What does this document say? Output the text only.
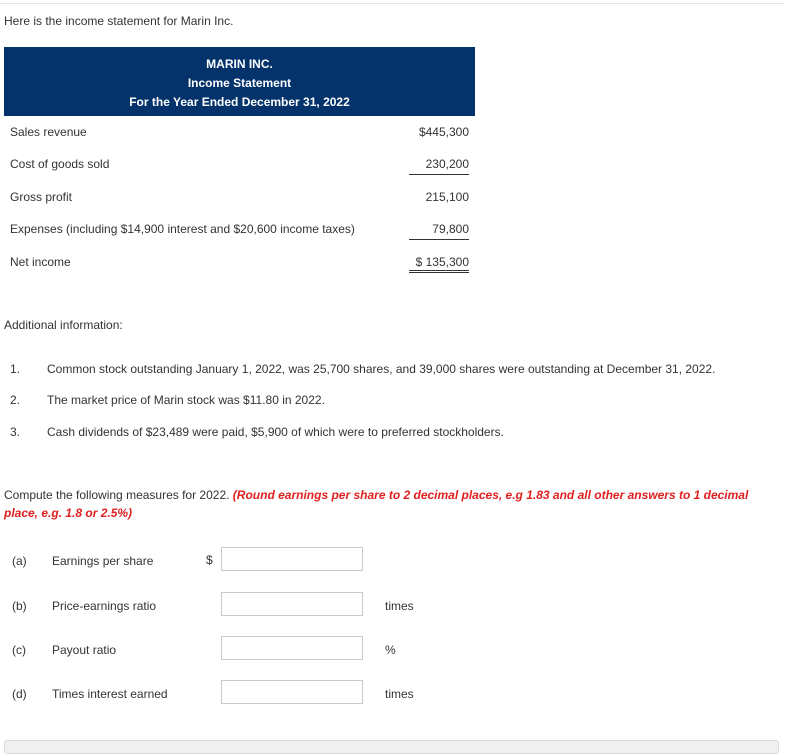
Here is the income statement for Marin Inc.
MARIN INC.
Income Statement
For the Year Ended December 31, 2022
Sales revenue	$445,300
Cost of goods sold	230,200
Gross profit	215,100
Expenses (including $14,900 interest and $20,600 income taxes)	79,800
Net income	$ 135,300
Additional information:
1. Common stock outstanding January 1, 2022, was 25,700 shares, and 39,000 shares were outstanding at December 31, 2022.
2. The market price of Marin stock was $11.80 in 2022.
3. Cash dividends of $23,489 were paid, $5,900 of which were to preferred stockholders.
Compute the following measures for 2022. (Round earnings per share to 2 decimal places, e.g 1.83 and all other answers to 1 decimal place, e.g. 1.8 or 2.5%)
(a) Earnings per share	$
(b) Price-earnings ratio	times
(c) Payout ratio	%
(d) Times interest earned	times
